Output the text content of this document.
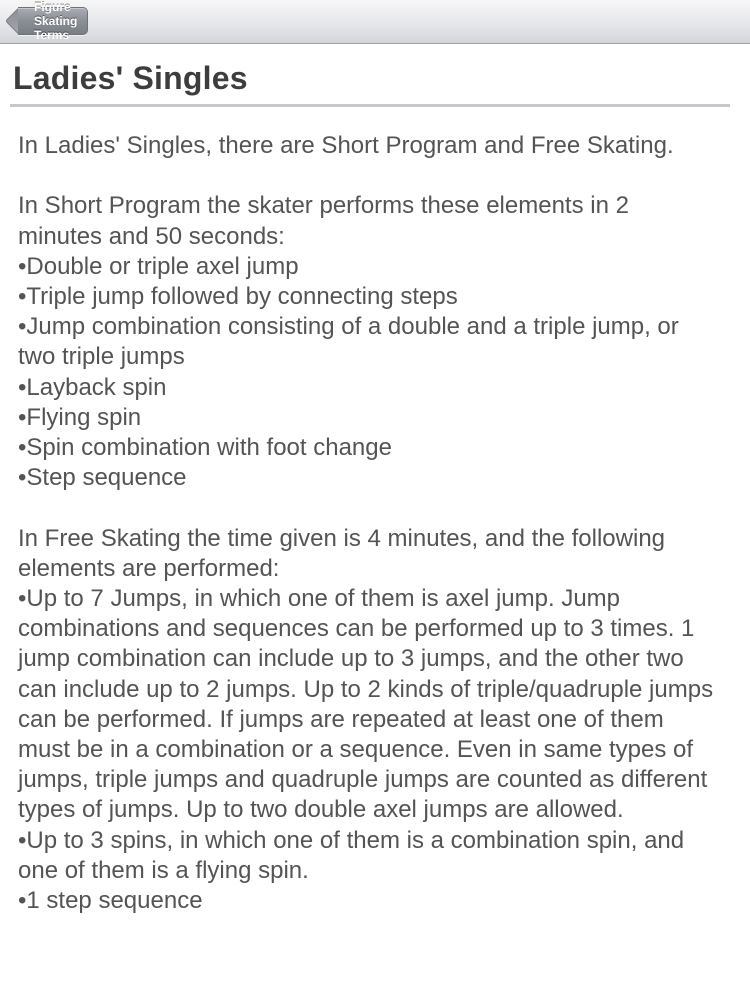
Figure Skating Terms
Ladies' Singles

In Ladies' Singles, there are Short Program and Free Skating.

In Short Program the skater performs these elements in 2 minutes and 50 seconds:

•Double or triple axel jump
•Triple jump followed by connecting steps
•Jump combination consisting of a double and a triple jump, or two triple jumps
•Layback spin
•Flying spin
•Spin combination with foot change
•Step sequence

In Free Skating the time given is 4 minutes, and the following elements are performed:

•Up to 7 Jumps, in which one of them is axel jump. Jump combinations and sequences can be performed up to 3 times. 1 jump combination can include up to 3 jumps, and the other two can include up to 2 jumps. Up to 2 kinds of triple/quadruple jumps can be performed. If jumps are repeated at least one of them must be in a combination or a sequence. Even in same types of jumps, triple jumps and quadruple jumps are counted as different types of jumps. Up to two double axel jumps are allowed.
•Up to 3 spins, in which one of them is a combination spin, and one of them is a flying spin.
•1 step sequence
